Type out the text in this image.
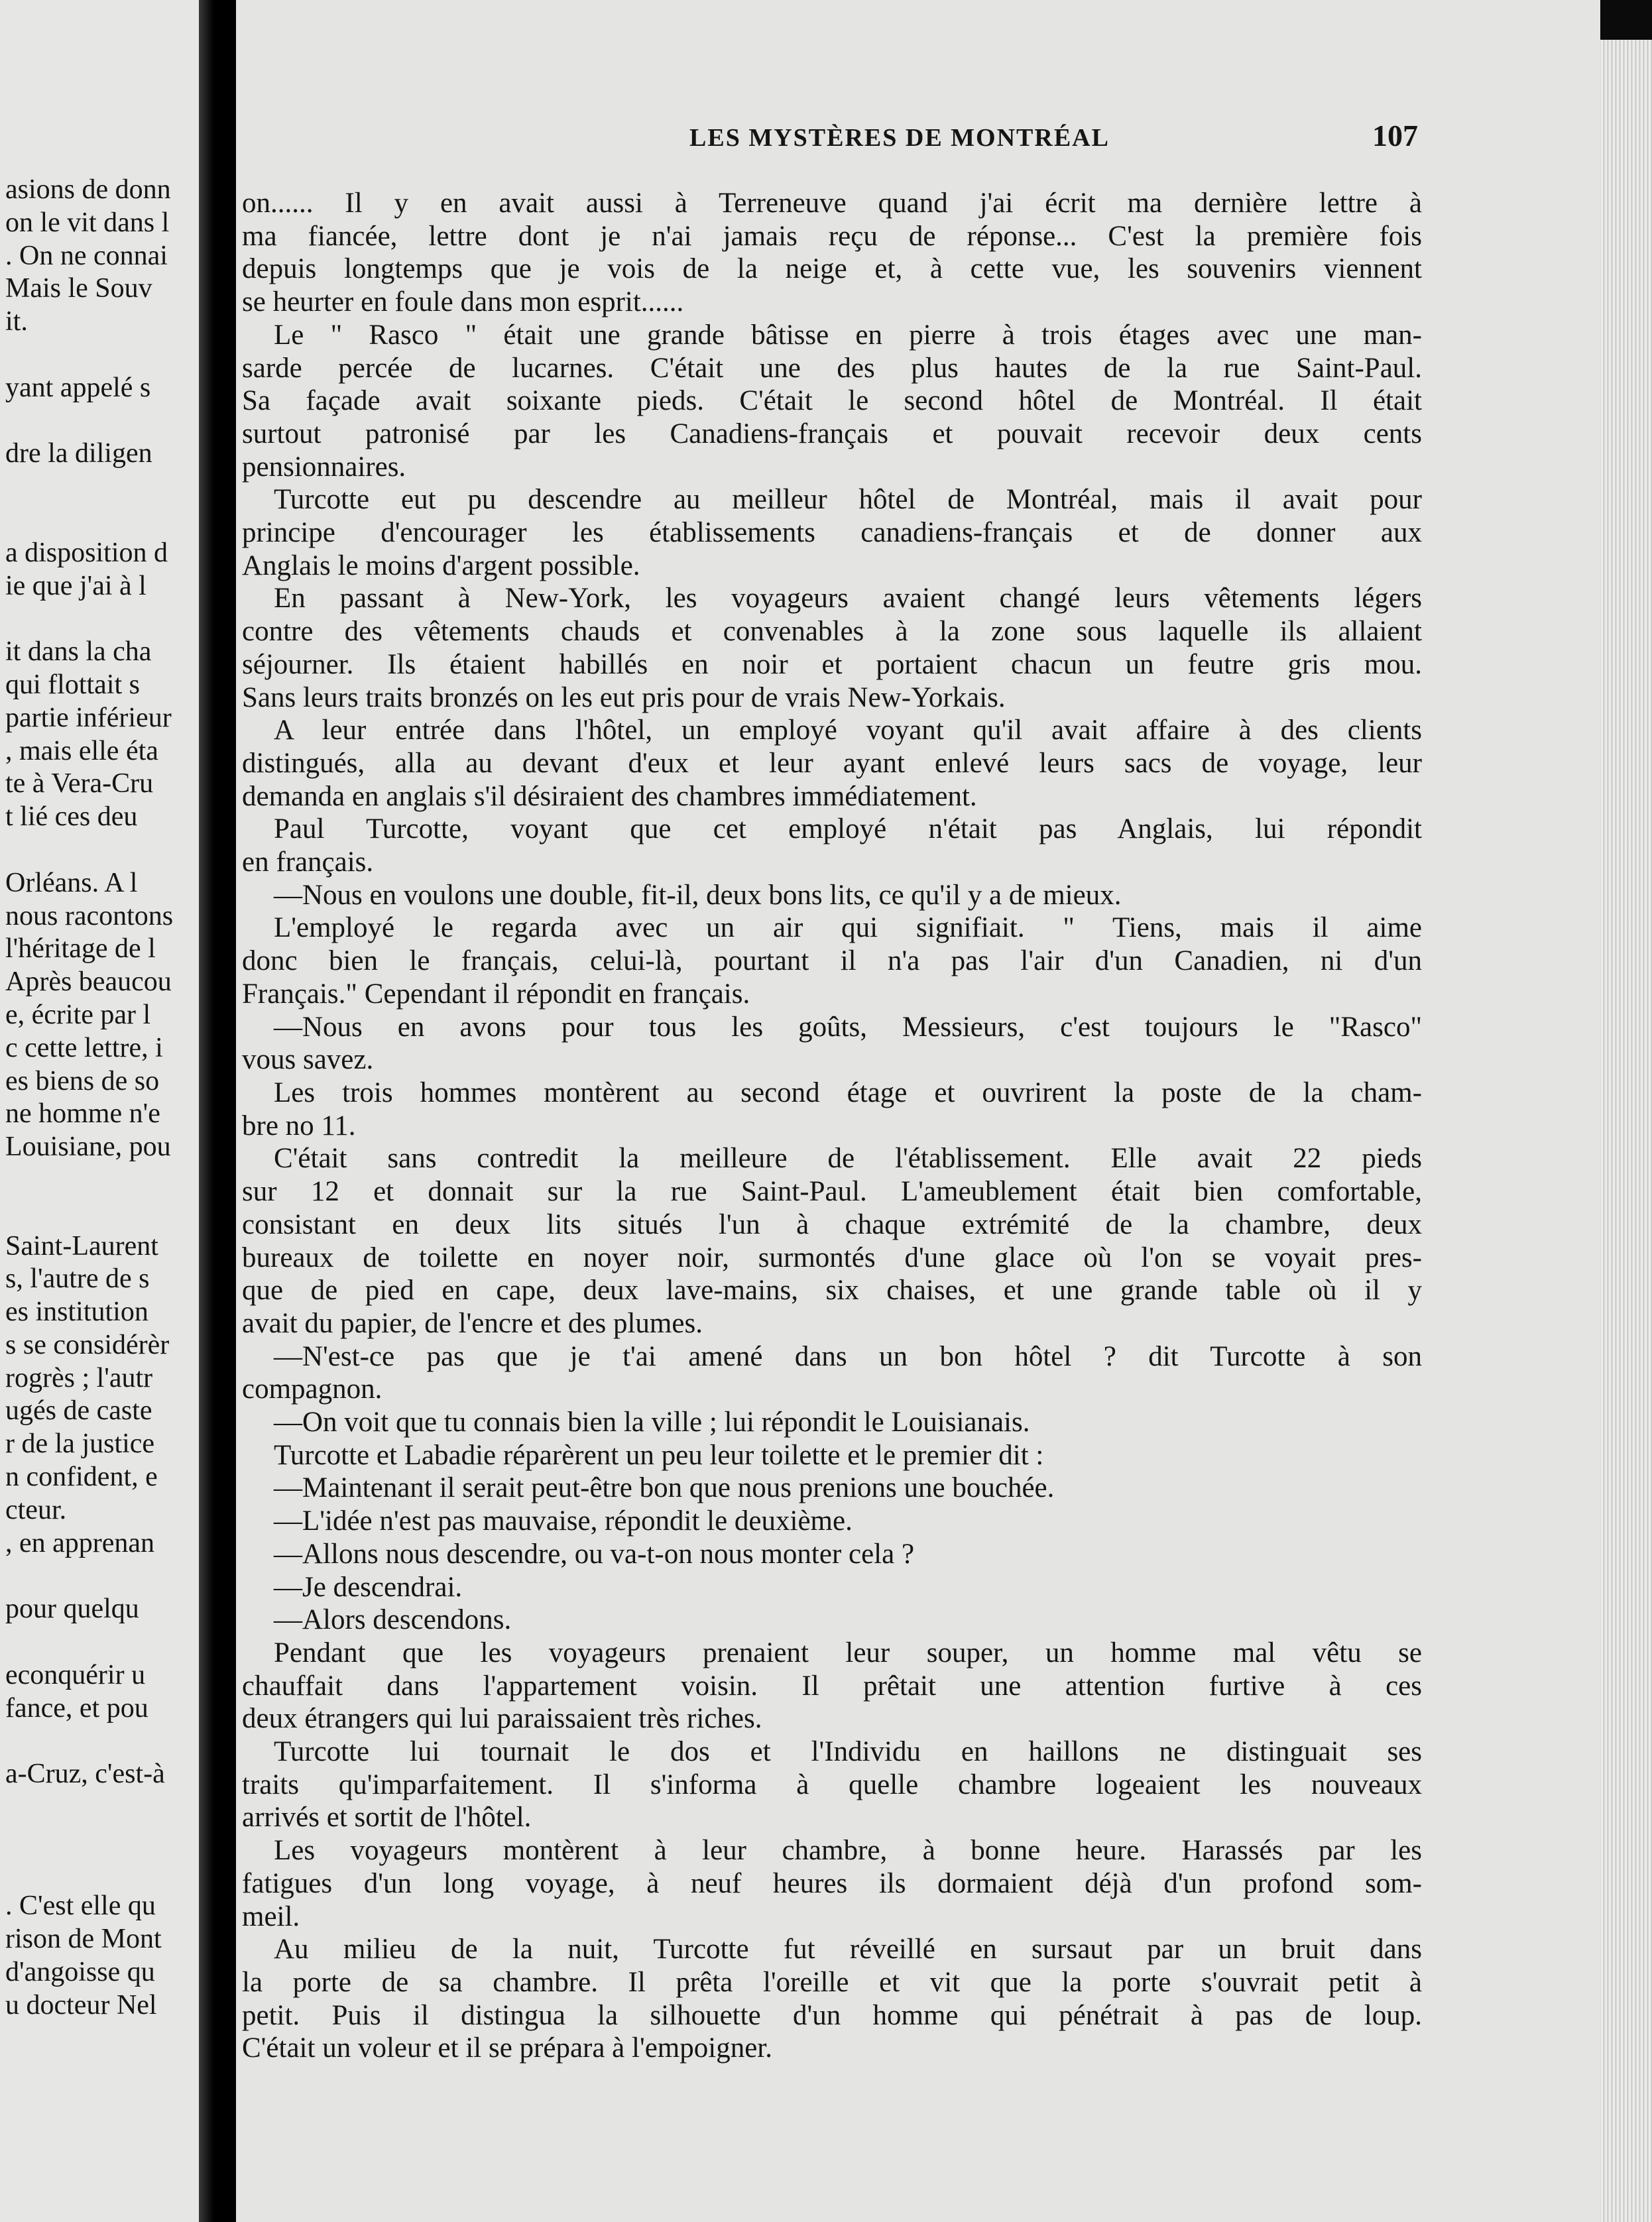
asions de donn
on le vit dans l
. On ne connai
Mais le Souv
it.
yant appelé s
dre la diligen
a disposition d
ie que j'ai à l
it dans la cha
qui flottait s
partie inférieur
, mais elle éta
te à Vera-Cru
t lié ces deu
Orléans. A l
nous racontons
l'héritage de l
Après beaucou
e, écrite par l
c cette lettre, i
es biens de so
ne homme n'e
Louisiane, pou
Saint-Laurent
s, l'autre de s
es institution
s se considérèr
rogrès ; l'autr
ugés de caste
r de la justice
n confident, e
cteur.
, en apprenan
pour quelqu
econquérir u
fance, et pou
a-Cruz, c'est-à
. C'est elle qu
rison de Mont
d'angoisse qu
u docteur Nel
LES MYSTÈRES DE MONTRÉAL	107
on...... Il y en avait aussi à Terreneuve quand j'ai écrit ma dernière lettre à
ma fiancée, lettre dont je n'ai jamais reçu de réponse... C'est la première fois
depuis longtemps que je vois de la neige et, à cette vue, les souvenirs viennent
se heurter en foule dans mon esprit......
Le " Rasco " était une grande bâtisse en pierre à trois étages avec une man-
sarde percée de lucarnes. C'était une des plus hautes de la rue Saint-Paul.
Sa façade avait soixante pieds. C'était le second hôtel de Montréal. Il était
surtout patronisé par les Canadiens-français et pouvait recevoir deux cents
pensionnaires.
Turcotte eut pu descendre au meilleur hôtel de Montréal, mais il avait pour
principe d'encourager les établissements canadiens-français et de donner aux
Anglais le moins d'argent possible.
En passant à New-York, les voyageurs avaient changé leurs vêtements légers
contre des vêtements chauds et convenables à la zone sous laquelle ils allaient
séjourner. Ils étaient habillés en noir et portaient chacun un feutre gris mou.
Sans leurs traits bronzés on les eut pris pour de vrais New-Yorkais.
A leur entrée dans l'hôtel, un employé voyant qu'il avait affaire à des clients
distingués, alla au devant d'eux et leur ayant enlevé leurs sacs de voyage, leur
demanda en anglais s'il désiraient des chambres immédiatement.
Paul Turcotte, voyant que cet employé n'était pas Anglais, lui répondit
en français.
—Nous en voulons une double, fit-il, deux bons lits, ce qu'il y a de mieux.
L'employé le regarda avec un air qui signifiait. " Tiens, mais il aime
donc bien le français, celui-là, pourtant il n'a pas l'air d'un Canadien, ni d'un
Français." Cependant il répondit en français.
—Nous en avons pour tous les goûts, Messieurs, c'est toujours le "Rasco"
vous savez.
Les trois hommes montèrent au second étage et ouvrirent la poste de la cham-
bre no 11.
C'était sans contredit la meilleure de l'établissement. Elle avait 22 pieds
sur 12 et donnait sur la rue Saint-Paul. L'ameublement était bien comfortable,
consistant en deux lits situés l'un à chaque extrémité de la chambre, deux
bureaux de toilette en noyer noir, surmontés d'une glace où l'on se voyait pres-
que de pied en cape, deux lave-mains, six chaises, et une grande table où il y
avait du papier, de l'encre et des plumes.
—N'est-ce pas que je t'ai amené dans un bon hôtel ? dit Turcotte à son
compagnon.
—On voit que tu connais bien la ville ; lui répondit le Louisianais.
Turcotte et Labadie réparèrent un peu leur toilette et le premier dit :
—Maintenant il serait peut-être bon que nous prenions une bouchée.
—L'idée n'est pas mauvaise, répondit le deuxième.
—Allons nous descendre, ou va-t-on nous monter cela ?
—Je descendrai.
—Alors descendons.
Pendant que les voyageurs prenaient leur souper, un homme mal vêtu se
chauffait dans l'appartement voisin. Il prêtait une attention furtive à ces
deux étrangers qui lui paraissaient très riches.
Turcotte lui tournait le dos et l'Individu en haillons ne distinguait ses
traits qu'imparfaitement. Il s'informa à quelle chambre logeaient les nouveaux
arrivés et sortit de l'hôtel.
Les voyageurs montèrent à leur chambre, à bonne heure. Harassés par les
fatigues d'un long voyage, à neuf heures ils dormaient déjà d'un profond som-
meil.
Au milieu de la nuit, Turcotte fut réveillé en sursaut par un bruit dans
la porte de sa chambre. Il prêta l'oreille et vit que la porte s'ouvrait petit à
petit. Puis il distingua la silhouette d'un homme qui pénétrait à pas de loup.
C'était un voleur et il se prépara à l'empoigner.
